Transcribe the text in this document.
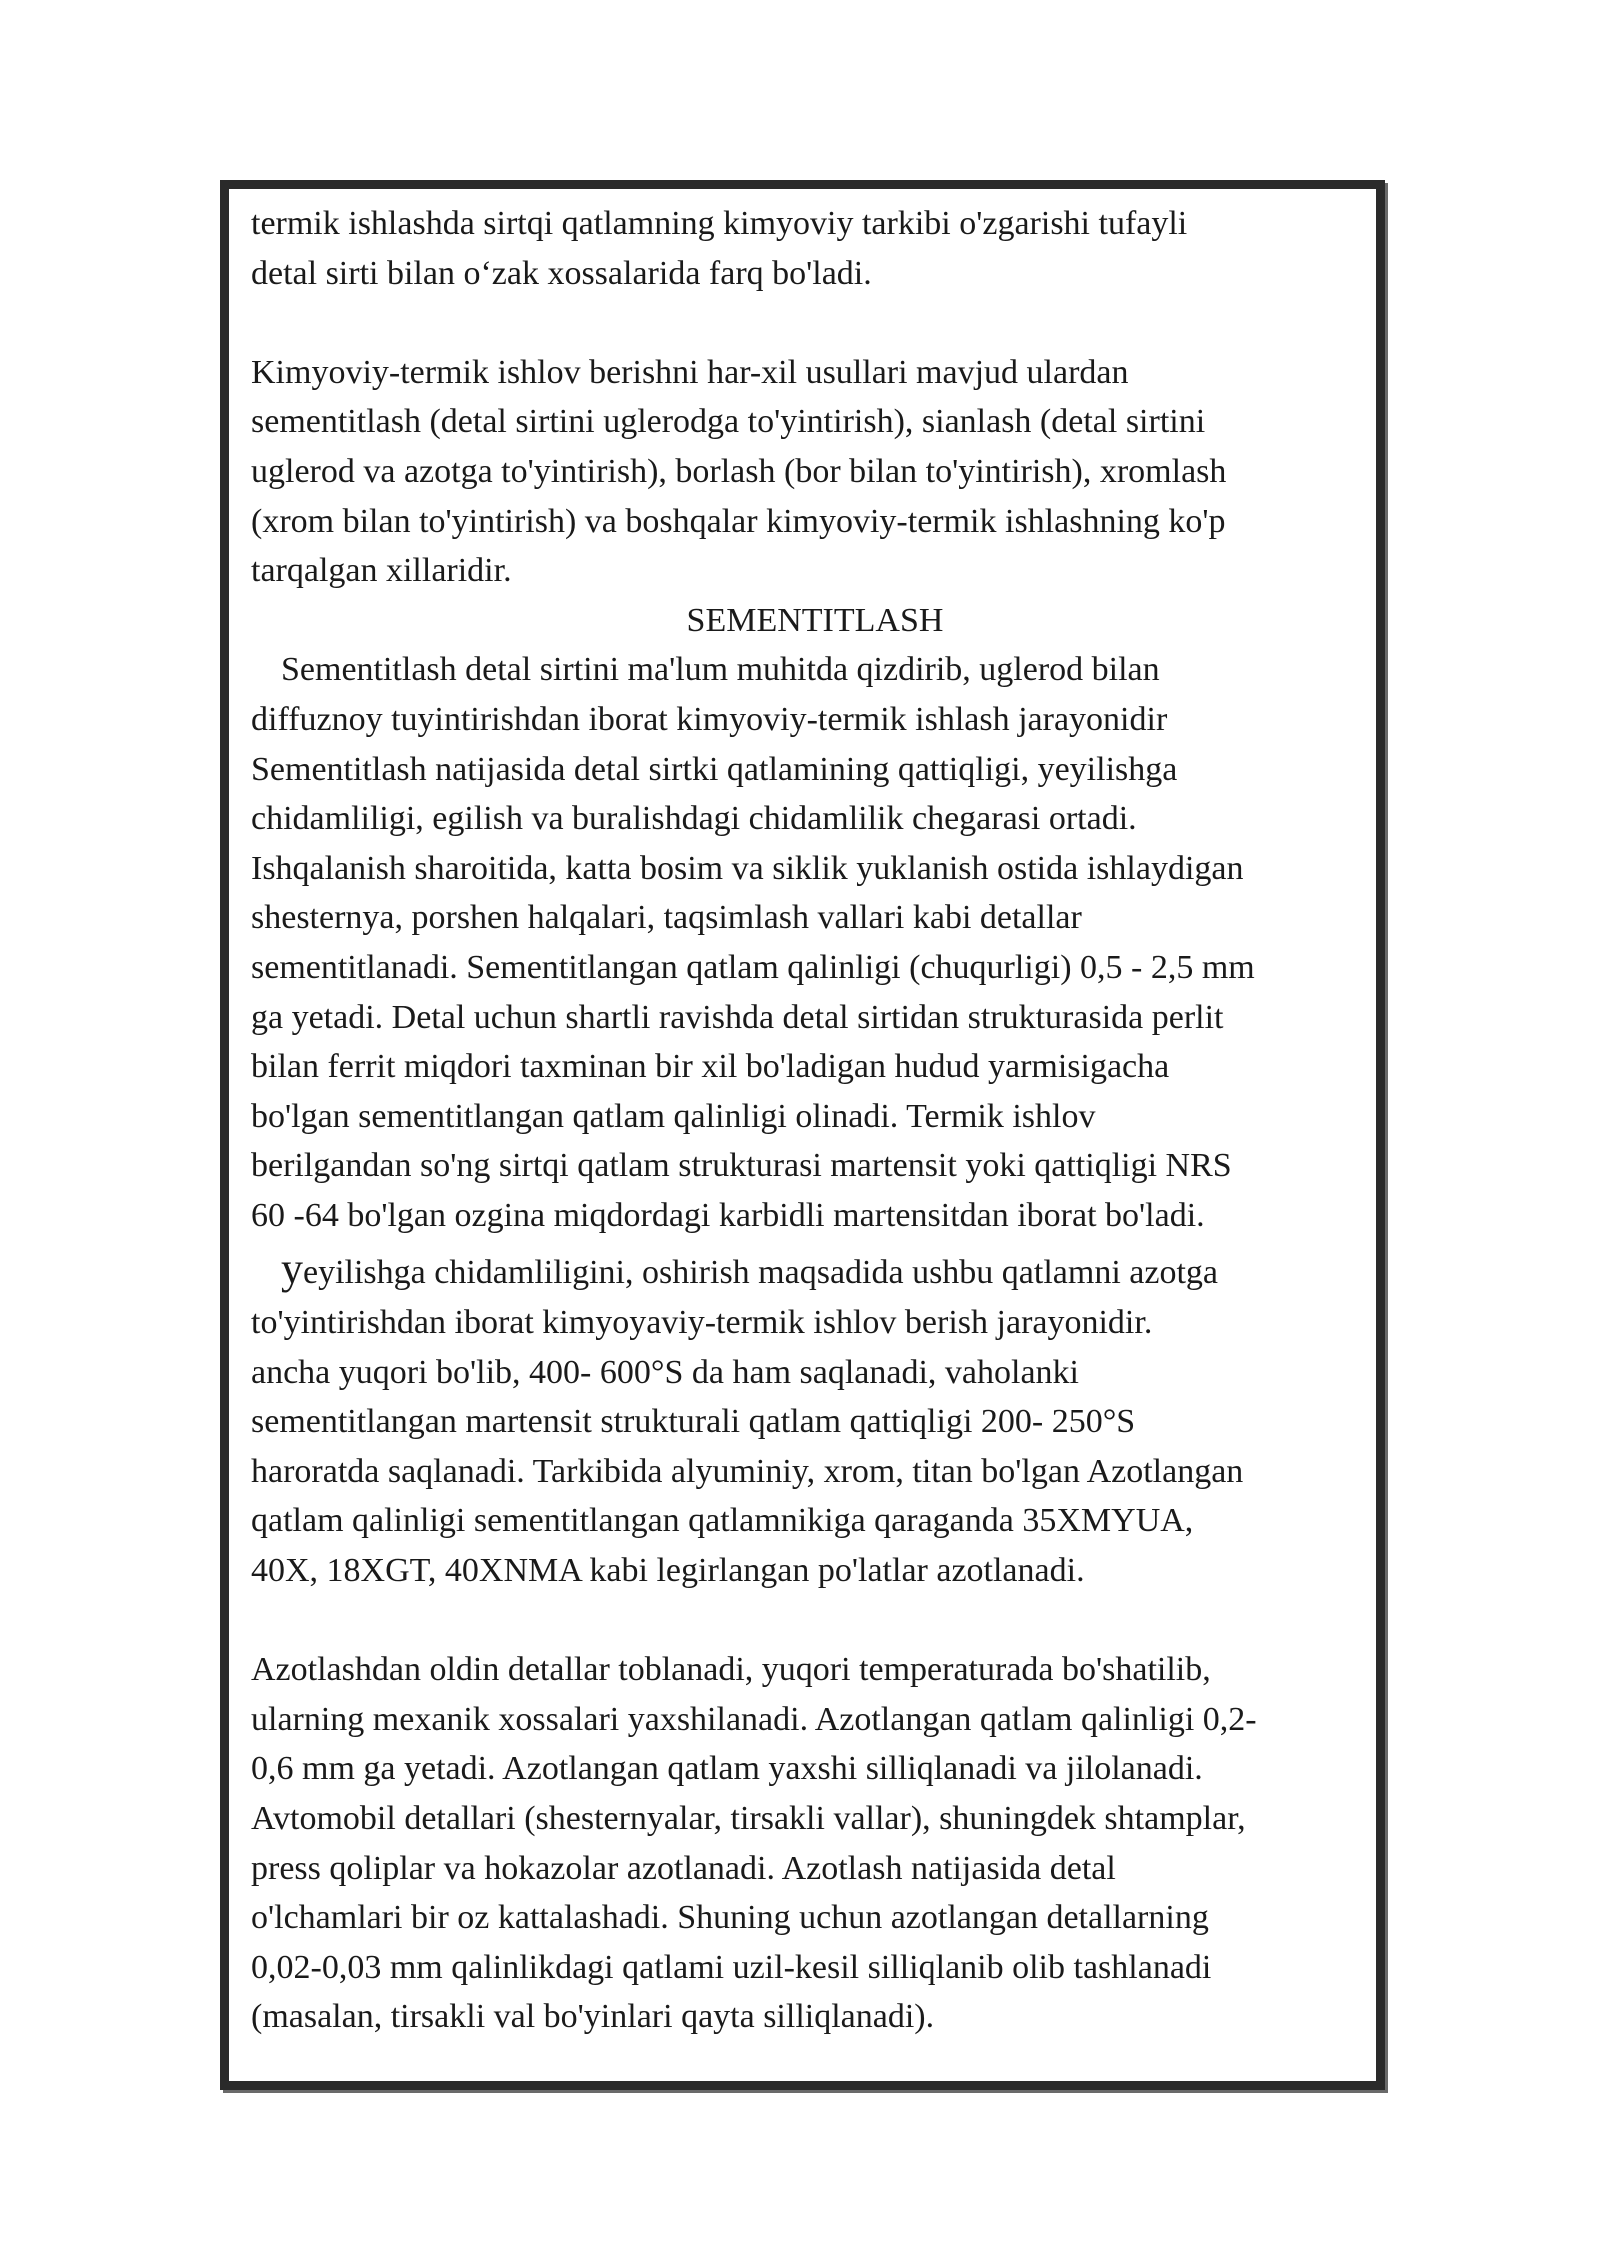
termik ishlashda sirtqi qatlamning kimyoviy tarkibi o'zgarishi tufayli
detal sirti bilan o‘zak xossalarida farq bo'ladi.

Kimyoviy-termik ishlov berishni har-xil usullari mavjud ulardan
sementitlash (detal sirtini uglerodga to'yintirish), sianlash (detal sirtini
uglerod va azotga to'yintirish), borlash (bor bilan to'yintirish), xromlash
(xrom bilan to'yintirish) va boshqalar kimyoviy-termik ishlashning ko'p
tarqalgan xillaridir.

SEMENTITLASH

Sementitlash detal sirtini ma'lum muhitda qizdirib, uglerod bilan
diffuznoy tuyintirishdan iborat kimyoviy-termik ishlash jarayonidir
Sementitlash natijasida detal sirtki qatlamining qattiqligi, yeyilishga
chidamliligi, egilish va buralishdagi chidamlilik chegarasi ortadi.
Ishqalanish sharoitida, katta bosim va siklik yuklanish ostida ishlaydigan
shesternya, porshen halqalari, taqsimlash vallari kabi detallar
sementitlanadi. Sementitlangan qatlam qalinligi (chuqurligi) 0,5 - 2,5 mm
ga yetadi. Detal uchun shartli ravishda detal sirtidan strukturasida perlit
bilan ferrit miqdori taxminan bir xil bo'ladigan hudud yarmisigacha
bo'lgan sementitlangan qatlam qalinligi olinadi. Termik ishlov
berilgandan so'ng sirtqi qatlam strukturasi martensit yoki qattiqligi NRS
60 -64 bo'lgan ozgina miqdordagi karbidli martensitdan iborat bo'ladi.

yeyilishga chidamliligini, oshirish maqsadida ushbu qatlamni azotga
to'yintirishdan iborat kimyoyaviy-termik ishlov berish jarayonidir.
ancha yuqori bo'lib, 400- 600°S da ham saqlanadi, vaholanki
sementitlangan martensit strukturali qatlam qattiqligi 200- 250°S
haroratda saqlanadi. Tarkibida alyuminiy, xrom, titan bo'lgan Azotlangan
qatlam qalinligi sementitlangan qatlamnikiga qaraganda 35XMYUA,
40X, 18XGT, 40XNMA kabi legirlangan po'latlar azotlanadi.

Azotlashdan oldin detallar toblanadi, yuqori temperaturada bo'shatilib,
ularning mexanik xossalari yaxshilanadi. Azotlangan qatlam qalinligi 0,2-
0,6 mm ga yetadi. Azotlangan qatlam yaxshi silliqlanadi va jilolanadi.
Avtomobil detallari (shesternyalar, tirsakli vallar), shuningdek shtamplar,
press qoliplar va hokazolar azotlanadi. Azotlash natijasida detal
o'lchamlari bir oz kattalashadi. Shuning uchun azotlangan detallarning
0,02-0,03 mm qalinlikdagi qatlami uzil-kesil silliqlanib olib tashlanadi
(masalan, tirsakli val bo'yinlari qayta silliqlanadi).
